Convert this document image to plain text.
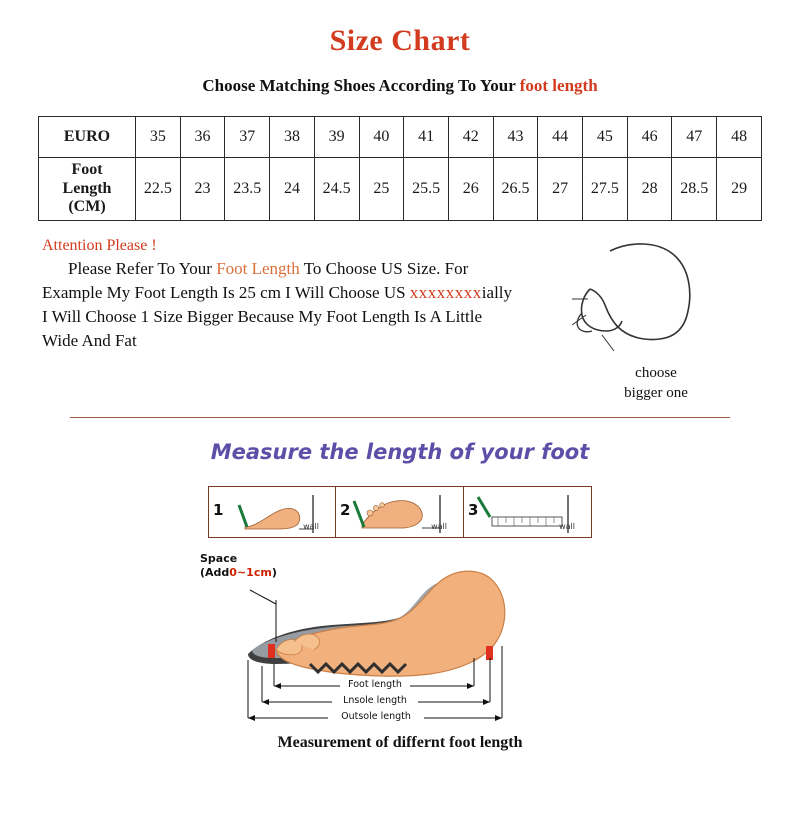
Size Chart
Choose Matching Shoes According To Your foot length
EURO	35	36	37	38	39	40	41	42	43	44	45	46	47	48

Foot
Length
(CM)	22.5	23	23.5	24	24.5	25	25.5	26	26.5	27	27.5	28	28.5	29
Attention Please !
Please Refer To Your Foot Length To Choose US Size. For Example My Foot Length Is 25 cm I Will Choose US xxxxxxxxially I Will Choose 1 Size Bigger Because My Foot Length Is A Little Wide And Fat
choose
bigger one
Measure the length of your foot
1
wall
2
wall
3
wall
Space
(Add0~1cm)
Foot length
Lnsole length
Outsole length
Measurement of differnt foot length
